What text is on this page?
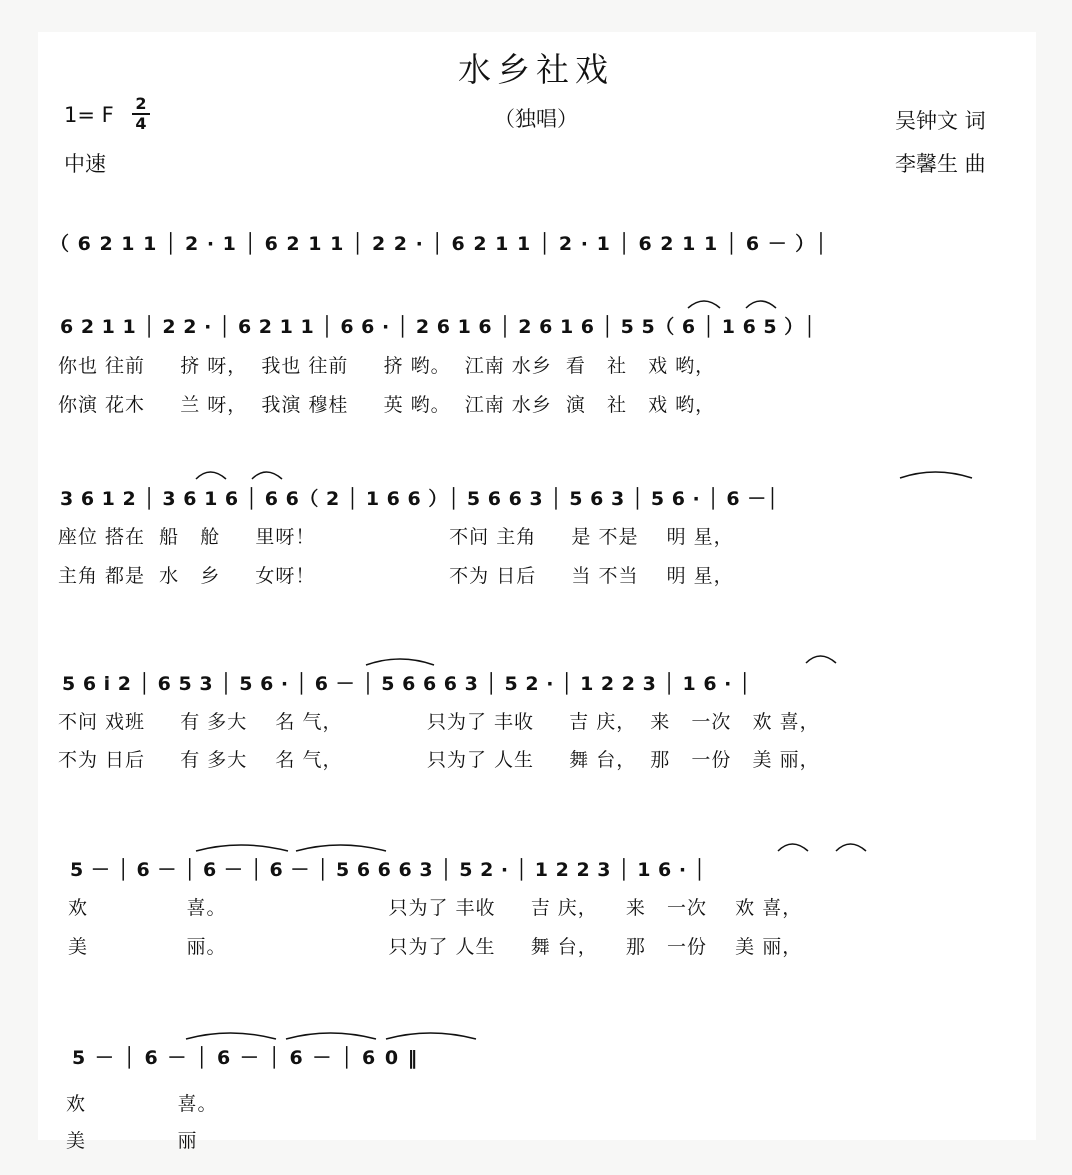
水乡社戏
1= F 2
4	（独唱）	吴钟文 词
中速	李馨生 曲
（ 6 2 1 1 │ 2 · 1 │ 6 2 1 1 │ 2 2 · │ 6 2 1 1 │ 2 · 1 │ 6 2 1 1 │ 6 － ）│
6 2 1 1 │ 2 2 · │ 6 2 1 1 │ 6 6 · │ 2 6 1 6 │ 2 6 1 6 │ 5 5（ 6 │ 1 6 5 ）│
你也 往前     挤 呀，  我也 往前     挤 哟。  江南 水乡  看   社   戏 哟，
你演 花木     兰 呀，  我演 穆桂     英 哟。  江南 水乡  演   社   戏 哟，
3 6 1 2 │ 3 6 1 6 │ 6 6（ 2 │ 1 6 6 ）│ 5 6 6 3 │ 5 6 3 │ 5 6 · │ 6 －│
座位 搭在  船   舱     里呀！                   不问 主角     是 不是    明 星，
主角 都是  水   乡     女呀！                   不为 日后     当 不当    明 星，
5 6 i 2 │ 6 5 3 │ 5 6 · │ 6 － │ 5 6 6 6 3 │ 5 2 · │ 1 2 2 3 │ 1 6 · │
不问 戏班     有 多大    名 气，            只为了 丰收     吉 庆，  来   一次   欢 喜，
不为 日后     有 多大    名 气，            只为了 人生     舞 台，  那   一份   美 丽，
5 － │ 6 － │ 6 － │ 6 － │ 5 6 6 6 3 │ 5 2 · │ 1 2 2 3 │ 1 6 · │
欢              喜。                       只为了 丰收     吉 庆，    来   一次    欢 喜，
美              丽。                       只为了 人生     舞 台，    那   一份    美 丽，
5 － │ 6 － │ 6 － │ 6 － │ 6 0 ‖
欢             喜。
美             丽
